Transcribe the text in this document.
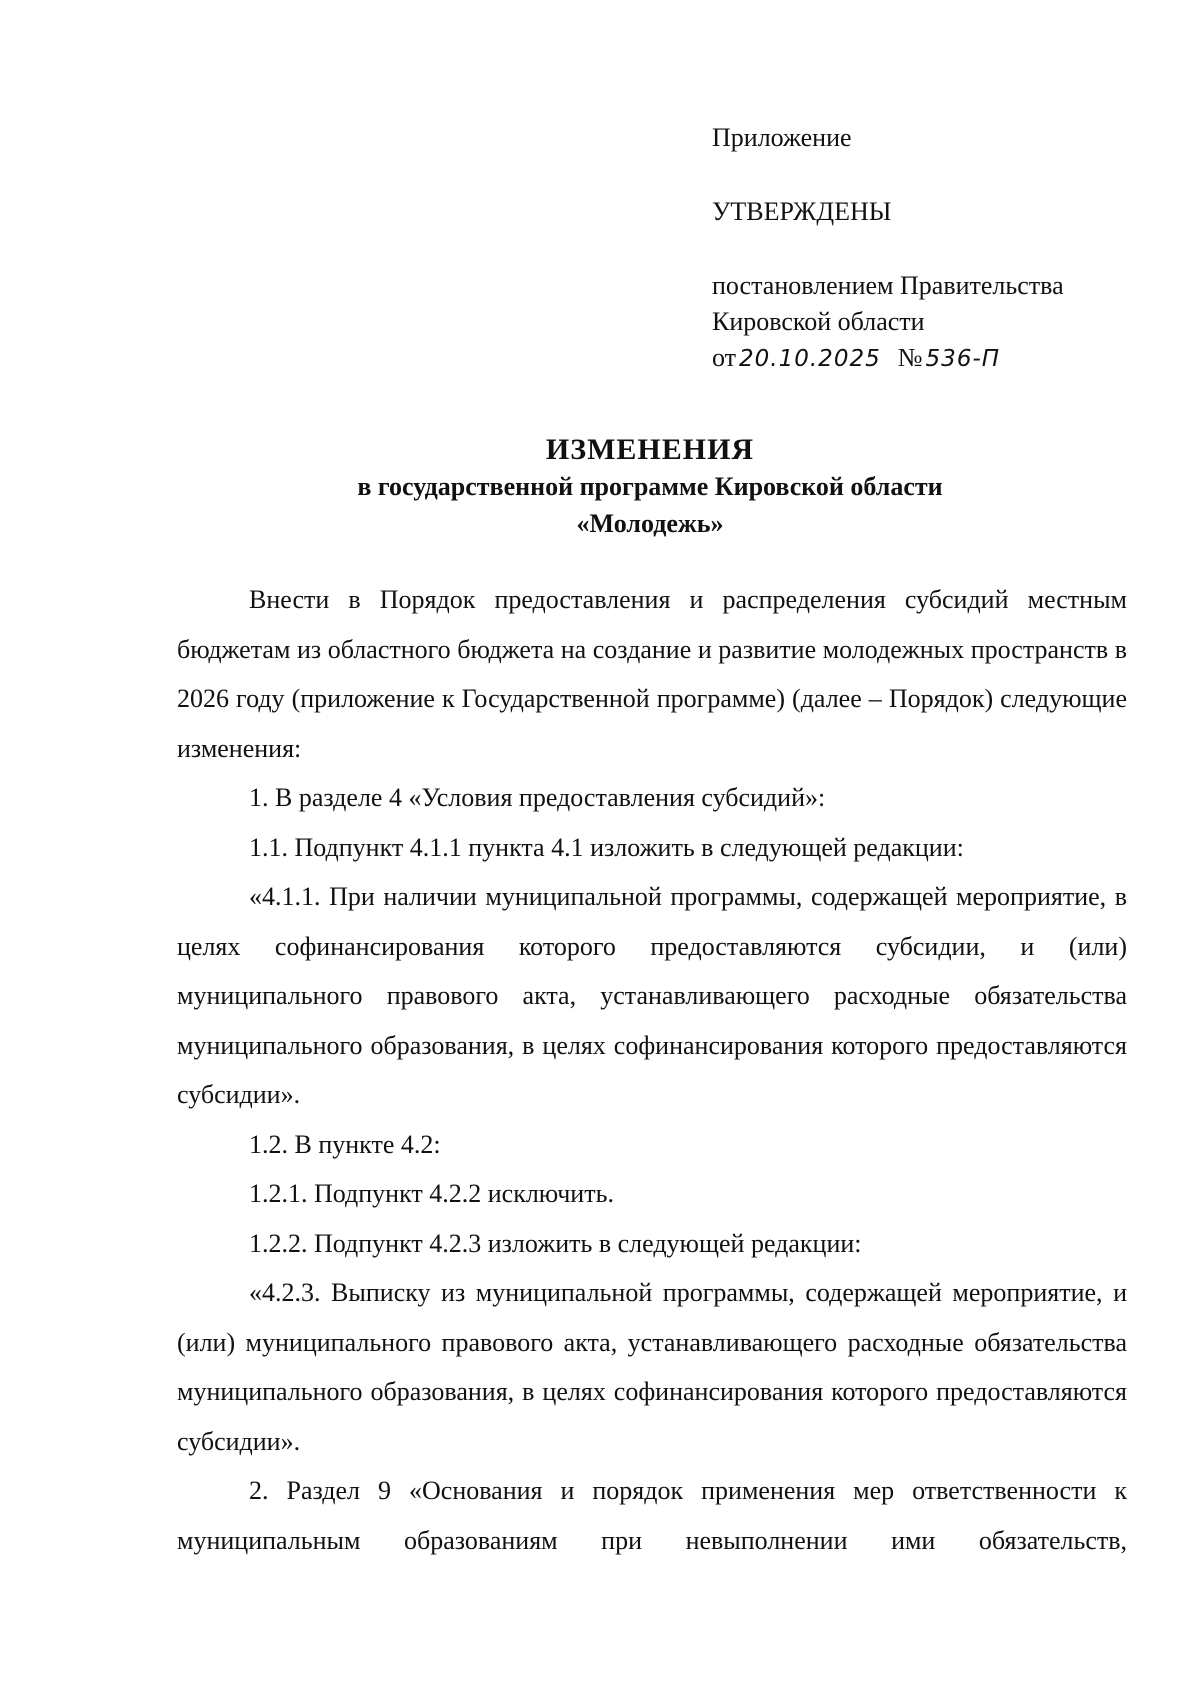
Приложение
УТВЕРЖДЕНЫ
постановлением Правительства
Кировской области
от 20.10.2025 № 536-П
ИЗМЕНЕНИЯ
в государственной программе Кировской области
«Молодежь»

Внести в Порядок предоставления и распределения субсидий местным бюджетам из областного бюджета на создание и развитие молодежных пространств в 2026 году (приложение к Государственной программе) (далее – Порядок) следующие изменения:

1. В разделе 4 «Условия предоставления субсидий»:

1.1. Подпункт 4.1.1 пункта 4.1 изложить в следующей редакции:

«4.1.1. При наличии муниципальной программы, содержащей мероприятие, в целях софинансирования которого предоставляются субсидии, и (или) муниципального правового акта, устанавливающего расходные обязательства муниципального образования, в целях софинансирования которого предоставляются субсидии».

1.2. В пункте 4.2:

1.2.1. Подпункт 4.2.2 исключить.

1.2.2. Подпункт 4.2.3 изложить в следующей редакции:

«4.2.3. Выписку из муниципальной программы, содержащей мероприятие, и (или) муниципального правового акта, устанавливающего расходные обязательства муниципального образования, в целях софинансирования которого предоставляются субсидии».

2. Раздел 9 «Основания и порядок применения мер ответственности к муниципальным образованиям при невыполнении ими обязательств,
